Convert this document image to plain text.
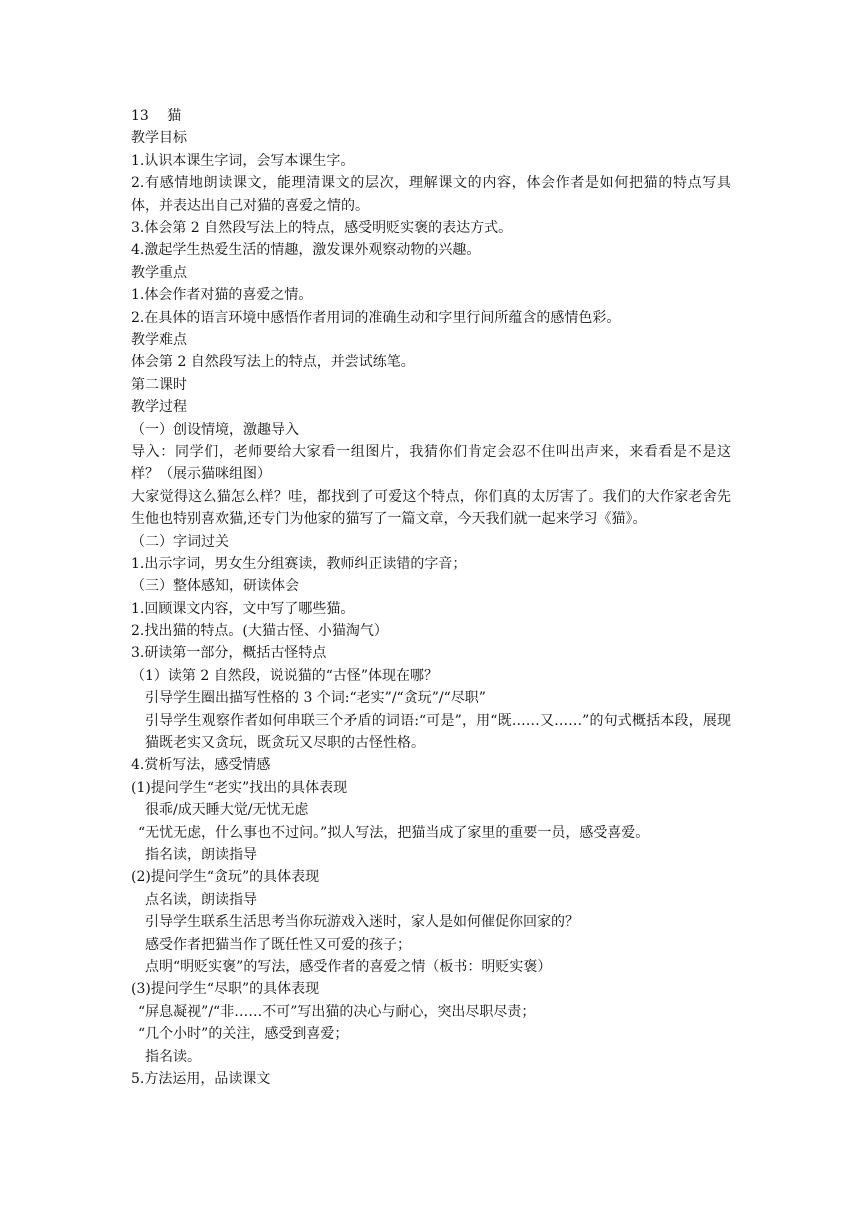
13　 猫
教学目标
1.认识本课生字词，会写本课生字。
2.有感情地朗读课文，能理清课文的层次，理解课文的内容，体会作者是如何把猫的特点写具体，并表达出自己对猫的喜爱之情的。
3.体会第 2 自然段写法上的特点，感受明贬实褒的表达方式。
4.激起学生热爱生活的情趣，激发课外观察动物的兴趣。
教学重点
1.体会作者对猫的喜爱之情。
2.在具体的语言环境中感悟作者用词的准确生动和字里行间所蕴含的感情色彩。
教学难点
体会第 2 自然段写法上的特点，并尝试练笔。
第二课时
教学过程
（一）创设情境，激趣导入
导入：同学们，老师要给大家看一组图片，我猜你们肯定会忍不住叫出声来，来看看是不是这样？（展示猫咪组图）
大家觉得这么猫怎么样？哇，都找到了可爱这个特点，你们真的太厉害了。我们的大作家老舍先生他也特别喜欢猫,还专门为他家的猫写了一篇文章，今天我们就一起来学习《猫》。
（二）字词过关
1.出示字词，男女生分组赛读，教师纠正读错的字音；
（三）整体感知，研读体会
1.回顾课文内容，文中写了哪些猫。
2.找出猫的特点。(大猫古怪、小猫淘气）
3.研读第一部分，概括古怪特点
（1）读第 2 自然段，说说猫的“古怪”体现在哪？
引导学生圈出描写性格的 3 个词:“老实”/“贪玩”/“尽职”
引导学生观察作者如何串联三个矛盾的词语:“可是”，用“既……又……”的句式概括本段，展现猫既老实又贪玩，既贪玩又尽职的古怪性格。
4.赏析写法，感受情感
(1)提问学生“老实”找出的具体表现
很乖/成天睡大觉/无忧无虑
“无忧无虑，什么事也不过问。”拟人写法，把猫当成了家里的重要一员，感受喜爱。
指名读，朗读指导
(2)提问学生“贪玩”的具体表现
点名读，朗读指导
引导学生联系生活思考当你玩游戏入迷时，家人是如何催促你回家的？
感受作者把猫当作了既任性又可爱的孩子；
点明“明贬实褒”的写法，感受作者的喜爱之情（板书：明贬实褒）
(3)提问学生“尽职”的具体表现
“屏息凝视”/“非……不可”写出猫的决心与耐心，突出尽职尽责；
“几个小时”的关注，感受到喜爱；
指名读。
5.方法运用，品读课文
